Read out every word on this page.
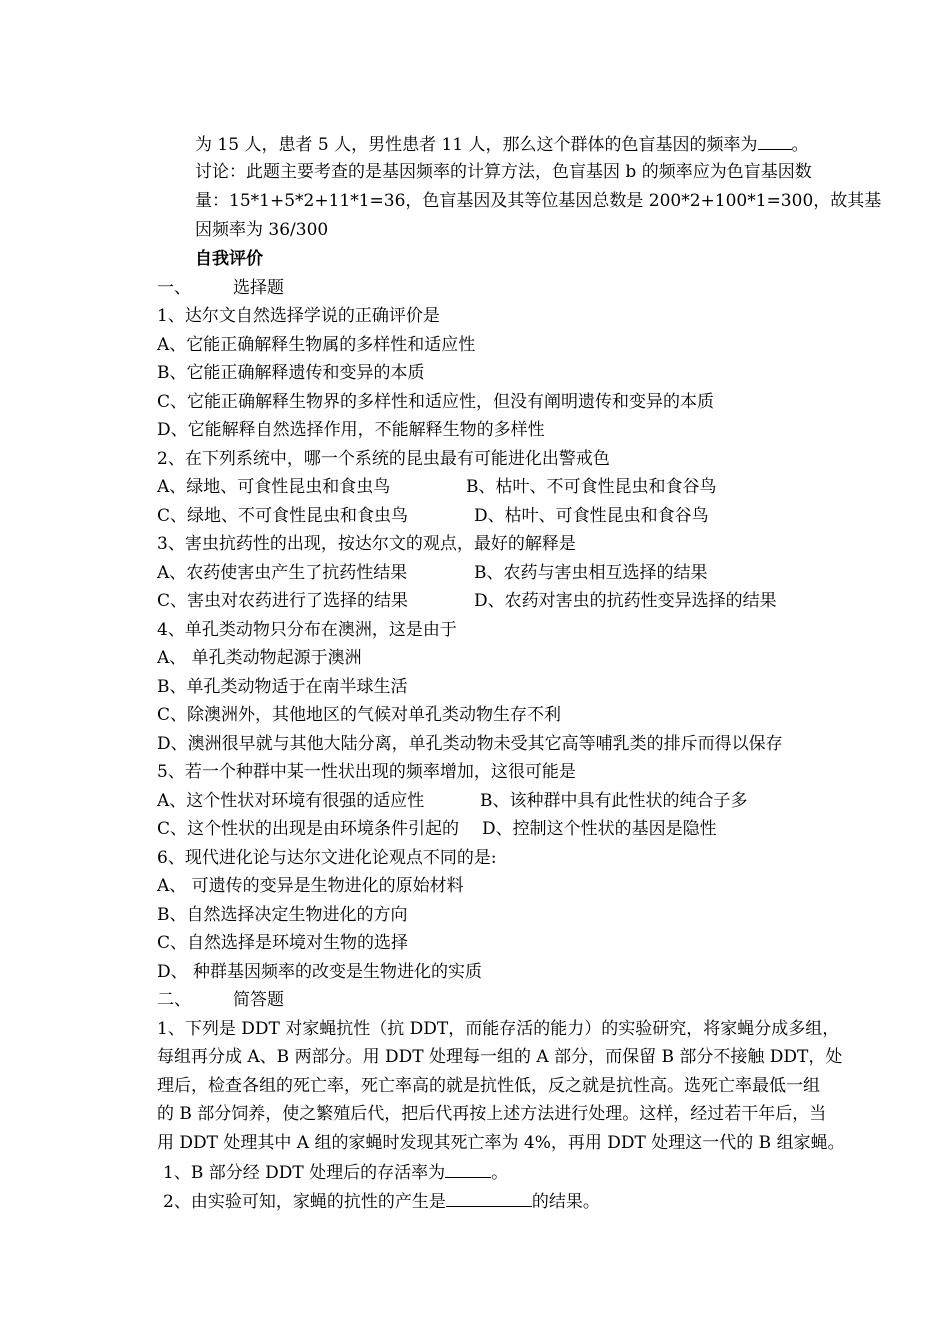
为 15 人，患者 5 人，男性患者 11 人，那么这个群体的色盲基因的频率为 。
讨论：此题主要考查的是基因频率的计算方法，色盲基因 b 的频率应为色盲基因数
量：15*1+5*2+11*1=36，色盲基因及其等位基因总数是 200*2+100*1=300，故其基
因频率为 36/300
自我评价
一、 选择题
1、达尔文自然选择学说的正确评价是
A、它能正确解释生物属的多样性和适应性
B、它能正确解释遗传和变异的本质
C、它能正确解释生物界的多样性和适应性，但没有阐明遗传和变异的本质
D、它能解释自然选择作用，不能解释生物的多样性
2、在下列系统中，哪一个系统的昆虫最有可能进化出警戒色
A、绿地、可食性昆虫和食虫鸟	B、枯叶、不可食性昆虫和食谷鸟
C、绿地、不可食性昆虫和食虫鸟	D、枯叶、可食性昆虫和食谷鸟
3、害虫抗药性的出现，按达尔文的观点，最好的解释是
A、农药使害虫产生了抗药性结果	B、农药与害虫相互选择的结果
C、害虫对农药进行了选择的结果	D、农药对害虫的抗药性变异选择的结果
4、单孔类动物只分布在澳洲，这是由于
A、 单孔类动物起源于澳洲
B、单孔类动物适于在南半球生活
C、除澳洲外，其他地区的气候对单孔类动物生存不利
D、澳洲很早就与其他大陆分离，单孔类动物未受其它高等哺乳类的排斥而得以保存
5、若一个种群中某一性状出现的频率增加，这很可能是
A、这个性状对环境有很强的适应性	B、该种群中具有此性状的纯合子多
C、这个性状的出现是由环境条件引起的 D、控制这个性状的基因是隐性
6、现代进化论与达尔文进化论观点不同的是:
A、 可遗传的变异是生物进化的原始材料
B、自然选择决定生物进化的方向
C、自然选择是环境对生物的选择
D、 种群基因频率的改变是生物进化的实质
二、 简答题
1、下列是 DDT 对家蝇抗性（抗 DDT，而能存活的能力）的实验研究，将家蝇分成多组，
每组再分成 A、B 两部分。用 DDT 处理每一组的 A 部分，而保留 B 部分不接触 DDT，处
理后，检查各组的死亡率，死亡率高的就是抗性低，反之就是抗性高。选死亡率最低一组
的 B 部分饲养，使之繁殖后代，把后代再按上述方法进行处理。这样，经过若干年后，当
用 DDT 处理其中 A 组的家蝇时发现其死亡率为 4%，再用 DDT 处理这一代的 B 组家蝇。
1、B 部分经 DDT 处理后的存活率为	。
2、由实验可知，家蝇的抗性的产生是	的结果。
